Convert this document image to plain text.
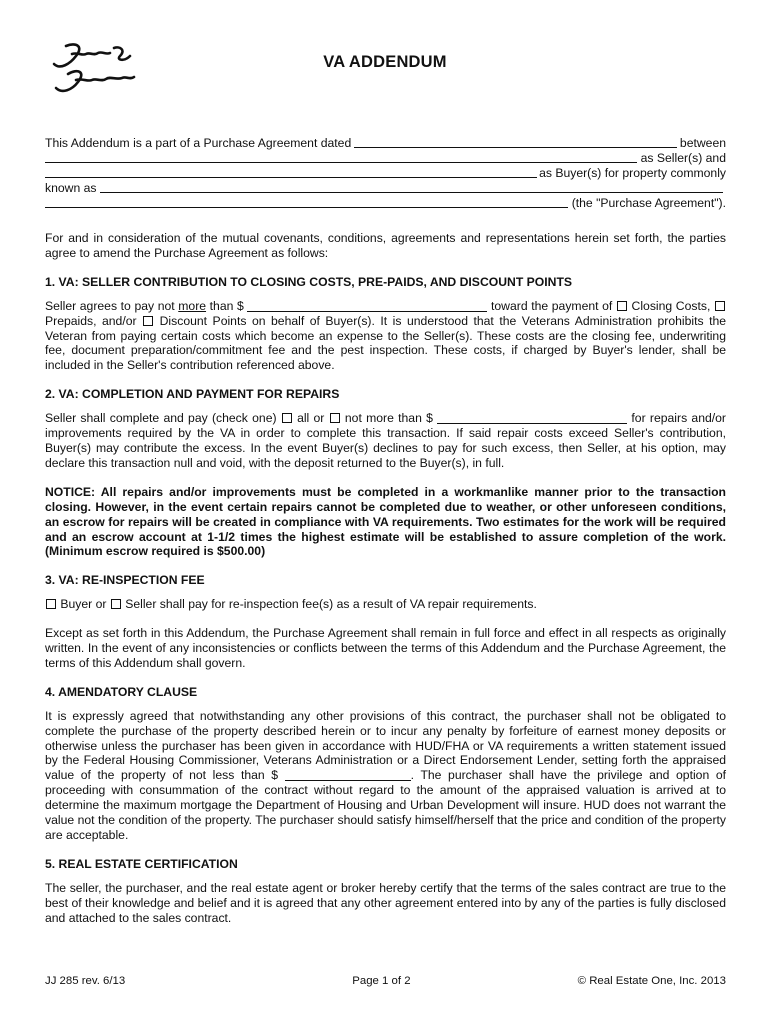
VA ADDENDUM
This Addendum is a part of a Purchase Agreement dated	between
as Seller(s) and
as Buyer(s) for property commonly
known as
(the "Purchase Agreement").

For and in consideration of the mutual covenants, conditions, agreements and representations herein set forth, the parties agree to amend the Purchase Agreement as follows:

1. VA: SELLER CONTRIBUTION TO CLOSING COSTS, PRE-PAIDS, AND DISCOUNT POINTS

Seller agrees to pay not more than $	toward the payment of  Closing Costs,  Prepaids, and/or Discount Points on behalf of Buyer(s). It is understood that the Veterans Administration prohibits the Veteran from paying certain costs which become an expense to the Seller(s). These costs are the closing fee, underwriting fee, document preparation/commitment fee and the pest inspection. These costs, if charged by Buyer's lender, shall be included in the Seller's contribution referenced above.

2. VA: COMPLETION AND PAYMENT FOR REPAIRS

Seller shall complete and pay (check one)  all or not more than $	for repairs and/or improvements required by the VA in order to complete this transaction. If said repair costs exceed Seller's contribution, Buyer(s) may contribute the excess. In the event Buyer(s) declines to pay for such excess, then Seller, at his option, may declare this transaction null and void, with the deposit returned to the Buyer(s), in full.

NOTICE: All repairs and/or improvements must be completed in a workmanlike manner prior to the transaction closing. However, in the event certain repairs cannot be completed due to weather, or other unforeseen conditions, an escrow for repairs will be created in compliance with VA requirements. Two estimates for the work will be required and an escrow account at 1-1/2 times the highest estimate will be established to assure completion of the work. (Minimum escrow required is $500.00)

3. VA: RE-INSPECTION FEE

Buyer or Seller shall pay for re-inspection fee(s) as a result of VA repair requirements.

Except as set forth in this Addendum, the Purchase Agreement shall remain in full force and effect in all respects as originally written. In the event of any inconsistencies or conflicts between the terms of this Addendum and the Purchase Agreement, the terms of this Addendum shall govern.

4. AMENDATORY CLAUSE

It is expressly agreed that notwithstanding any other provisions of this contract, the purchaser shall not be obligated to complete the purchase of the property described herein or to incur any penalty by forfeiture of earnest money deposits or otherwise unless the purchaser has been given in accordance with HUD/FHA or VA requirements a written statement issued by the Federal Housing Commissioner, Veterans Administration or a Direct Endorsement Lender, setting forth the appraised value of the property of not less than $	. The purchaser shall have the privilege and option of proceeding with consummation of the contract without regard to the amount of the appraised valuation is arrived at to determine the maximum mortgage the Department of Housing and Urban Development will insure. HUD does not warrant the value not the condition of the property. The purchaser should satisfy himself/herself that the price and condition of the property are acceptable.

5. REAL ESTATE CERTIFICATION

The seller, the purchaser, and the real estate agent or broker hereby certify that the terms of the sales contract are true to the best of their knowledge and belief and it is agreed that any other agreement entered into by any of the parties is fully disclosed and attached to the sales contract.

JJ 285 rev. 6/13	Page 1 of 2	© Real Estate One, Inc. 2013
